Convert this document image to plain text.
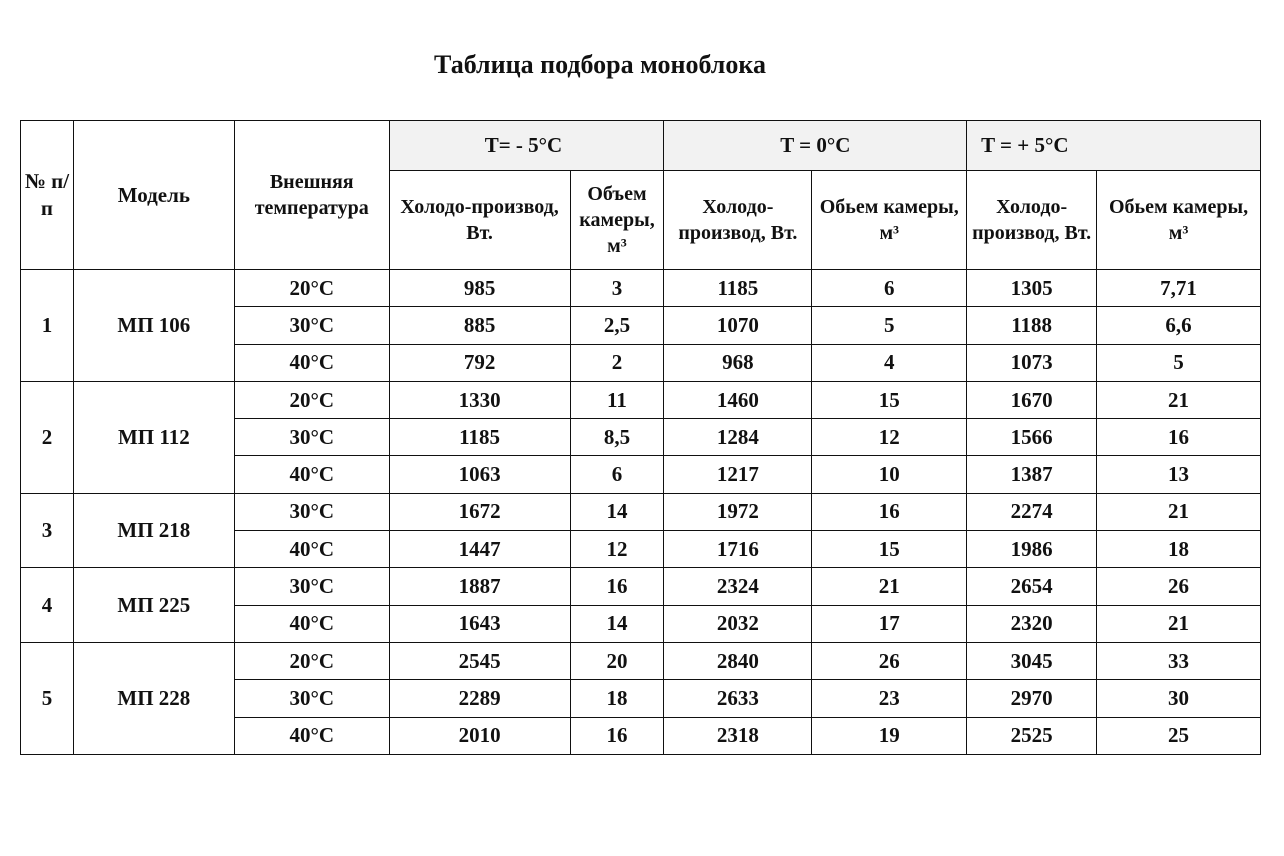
Таблица подбора моноблока
№ п/п	Модель	Внешняя температура	T= - 5°C		T = 0°C		T = + 5°C	
			Холодо-производ, Вт.	Объем камеры, м³	Холодо-производ, Вт.	Обьем камеры, м³	Холодо-производ, Вт.	Обьем камеры, м³
1	МП 106	20°C	985	3	1185	6	1305	7,71
		30°C	885	2,5	1070	5	1188	6,6
		40°C	792	2	968	4	1073	5
2	МП 112	20°C	1330	11	1460	15	1670	21
		30°C	1185	8,5	1284	12	1566	16
		40°C	1063	6	1217	10	1387	13
3	МП 218	30°C	1672	14	1972	16	2274	21
		40°C	1447	12	1716	15	1986	18
4	МП 225	30°C	1887	16	2324	21	2654	26
		40°C	1643	14	2032	17	2320	21
5	МП 228	20°C	2545	20	2840	26	3045	33
		30°C	2289	18	2633	23	2970	30
		40°C	2010	16	2318	19	2525	25
